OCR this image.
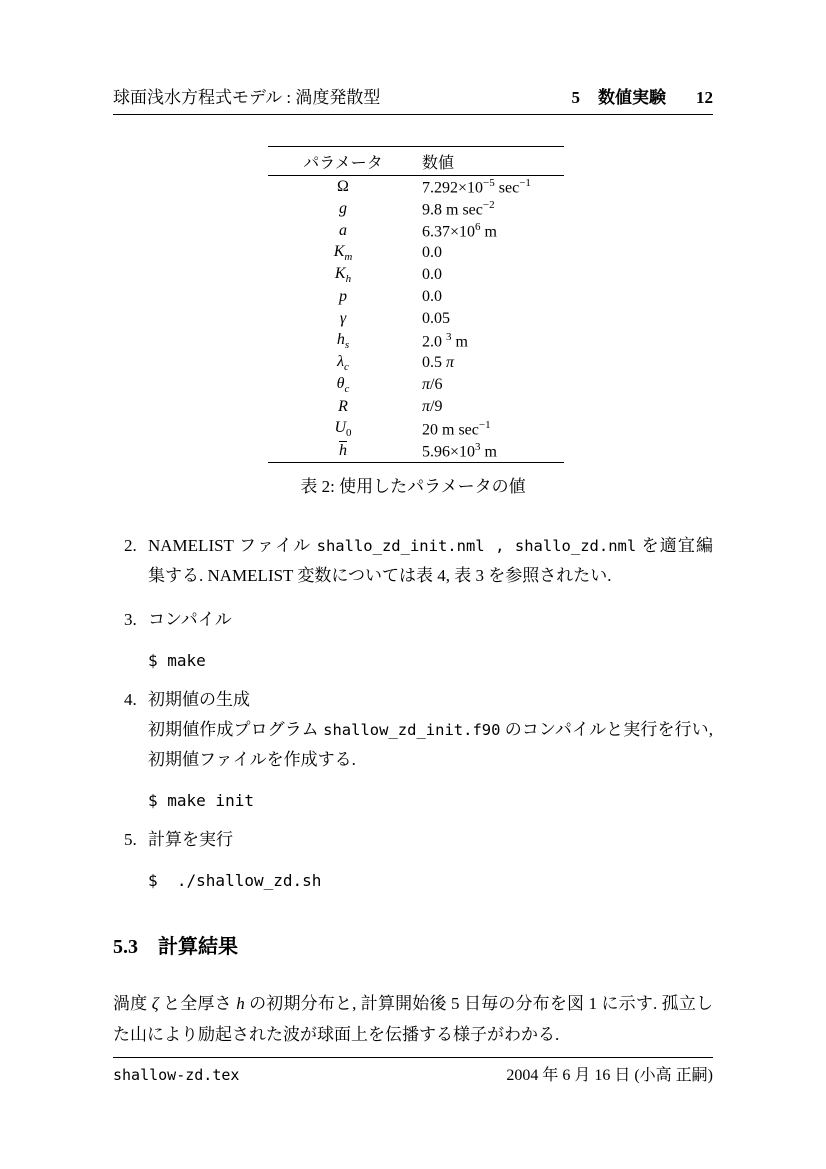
球面浅水方程式モデル : 渦度発散型	5 数値実験 12
パラメータ	数値
Ω	$7.292\times 10^{-5}$ $\sec^{-1}$
g	9.8 m $\sec^{-2}$
a	$6.37\times 10^6$ m
$K_m$	0.0
$K_h$	0.0
p	0.0
γ	0.05
$h_s$	2.0 $^3$ m
$\lambda_c$	0.5 π
$\theta_c$	π/6
R	π/9
$U_0$	20 m $\sec^{-1}$
$\overline{h}$	$5.96\times 10^3$ m
表 2: 使用したパラメータの値
2. NAMELIST ファイル shallo_zd_init.nml , shallo_zd.nml を適宜編集する. NAMELIST 変数については表 4, 表 3 を参照されたい.
3. コンパイル
$ make
4. 初期値の生成
初期値作成プログラム shallow_zd_init.f90 のコンパイルと実行を行い, 初期値ファイルを作成する.
$ make init
5. 計算を実行
$  ./shallow_zd.sh
5.3 計算結果
渦度 ζ と全厚さ h の初期分布と, 計算開始後 5 日毎の分布を図 1 に示す. 孤立した山により励起された波が球面上を伝播する様子がわかる.
shallow-zd.tex	2004 年 6 月 16 日 (小高 正嗣)
